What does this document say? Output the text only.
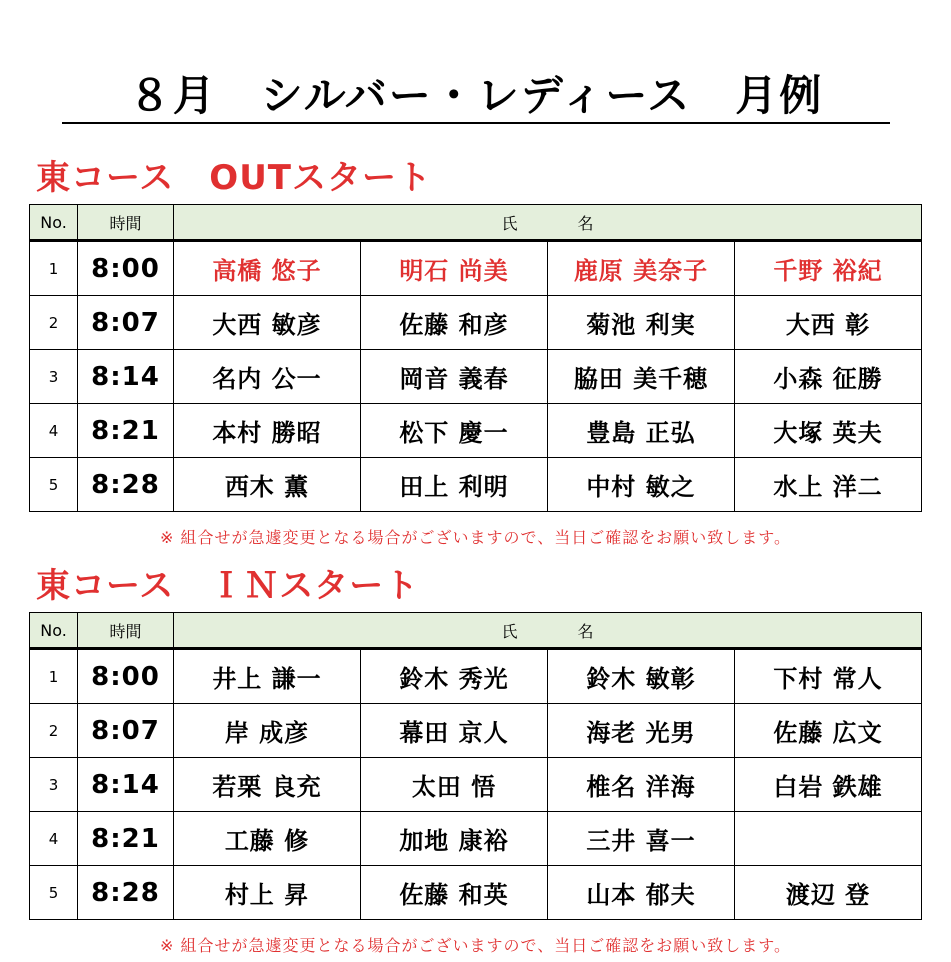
８月　シルバー・レディース　月例
東コース　OUTスタート
No.	時間	氏 名			
1	8:00	高橋 悠子	明石 尚美	鹿原 美奈子	千野 裕紀
2	8:07	大西 敏彦	佐藤 和彦	菊池 利実	大西 彰
3	8:14	名内 公一	岡音 義春	脇田 美千穂	小森 征勝
4	8:21	本村 勝昭	松下 慶一	豊島 正弘	大塚 英夫
5	8:28	西木 薫	田上 利明	中村 敏之	水上 洋二
※ 組合せが急遽変更となる場合がございますので、当日ご確認をお願い致します。
東コース　ＩＮスタート
No.	時間	氏 名			
1	8:00	井上 謙一	鈴木 秀光	鈴木 敏彰	下村 常人
2	8:07	岸 成彦	幕田 京人	海老 光男	佐藤 広文
3	8:14	若栗 良充	太田 悟	椎名 洋海	白岩 鉄雄
4	8:21	工藤 修	加地 康裕	三井 喜一	
5	8:28	村上 昇	佐藤 和英	山本 郁夫	渡辺 登
※ 組合せが急遽変更となる場合がございますので、当日ご確認をお願い致します。
